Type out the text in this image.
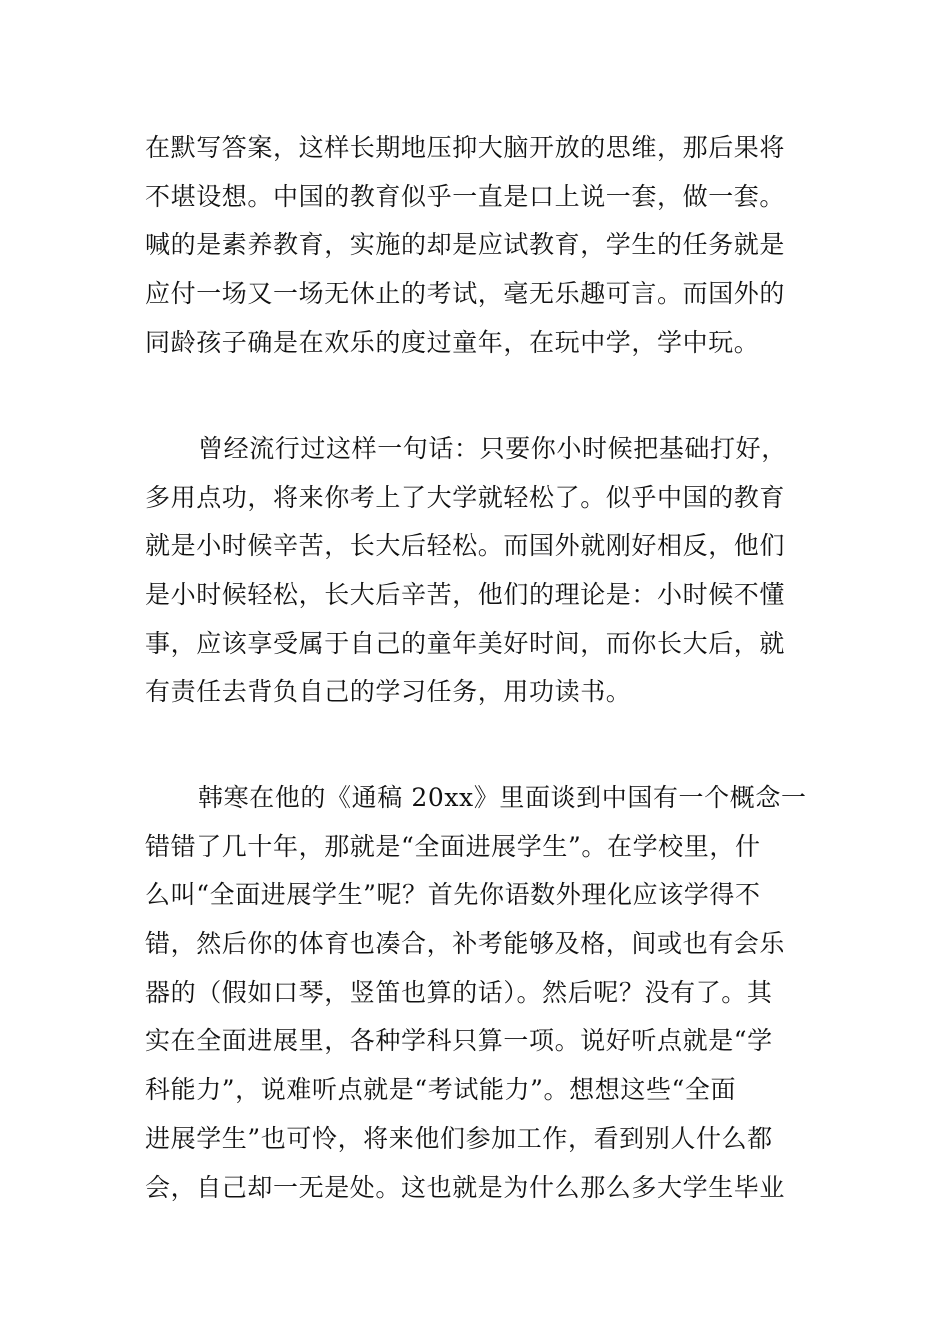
在默写答案，这样长期地压抑大脑开放的思维，那后果将
不堪设想。中国的教育似乎一直是口上说一套，做一套。
喊的是素养教育，实施的却是应试教育，学生的任务就是
应付一场又一场无休止的考试，毫无乐趣可言。而国外的
同龄孩子确是在欢乐的度过童年，在玩中学，学中玩。
曾经流行过这样一句话：只要你小时候把基础打好，
多用点功，将来你考上了大学就轻松了。似乎中国的教育
就是小时候辛苦，长大后轻松。而国外就刚好相反，他们
是小时候轻松，长大后辛苦，他们的理论是：小时候不懂
事，应该享受属于自己的童年美好时间，而你长大后，就
有责任去背负自己的学习任务，用功读书。
韩寒在他的《通稿 20xx》里面谈到中国有一个概念一
错错了几十年，那就是“全面进展学生”。在学校里，什
么叫“全面进展学生”呢？首先你语数外理化应该学得不
错，然后你的体育也凑合，补考能够及格，间或也有会乐
器的（假如口琴，竖笛也算的话）。然后呢？没有了。其
实在全面进展里，各种学科只算一项。说好听点就是“学
科能力”，说难听点就是“考试能力”。想想这些“全面
进展学生”也可怜，将来他们参加工作，看到别人什么都
会，自己却一无是处。这也就是为什么那么多大学生毕业
